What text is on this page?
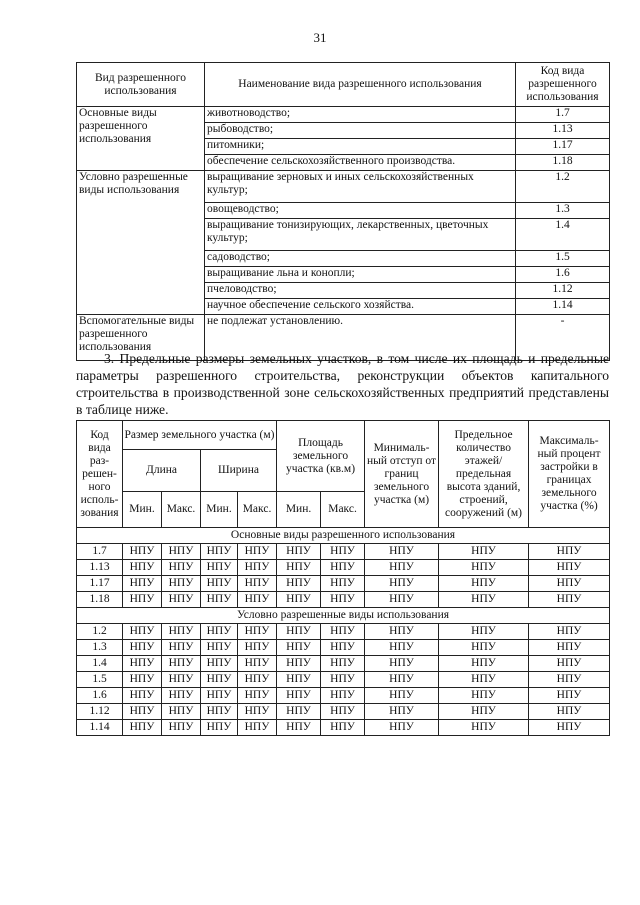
31
Вид разрешенного использования	Наименование вида разрешенного использования	Код вида разрешенного использования
Основные виды разрешенного использования	животноводство;	1.7
	рыбоводство;	1.13
	питомники;	1.17
	обеспечение сельскохозяйственного производства.	1.18
Условно разрешенные виды использования	выращивание зерновых и иных сельскохозяйственных культур;	1.2
	овощеводство;	1.3
	выращивание тонизирующих, лекарственных, цветочных культур;	1.4
	садоводство;	1.5
	выращивание льна и конопли;	1.6
	пчеловодство;	1.12
	научное обеспечение сельского хозяйства.	1.14
Вспомогательные виды разрешенного использования	не подлежат установлению.	-
3. Предельные размеры земельных участков, в том числе их площадь и предельные параметры разрешенного строительства, реконструкции объектов капитального строительства в производственной зоне сельскохозяйственных предприятий представлены в таблице ниже.
Код вида раз-решен-ного исполь-зования	Размер земельного участка (м)				Площадь земельного участка (кв.м)		Минималь-ный отступ от границ земельного участка (м)	Предельное количество этажей/ предельная высота зданий, строений, сооружений (м)	Максималь-ный процент застройки в границах земельного участка (%)
	Длина		Ширина						
	Мин.	Макс.	Мин.	Макс.	Мин.	Макс.			
Основные виды разрешенного использования									
1.7	НПУ	НПУ	НПУ	НПУ	НПУ	НПУ	НПУ	НПУ	НПУ
1.13	НПУ	НПУ	НПУ	НПУ	НПУ	НПУ	НПУ	НПУ	НПУ
1.17	НПУ	НПУ	НПУ	НПУ	НПУ	НПУ	НПУ	НПУ	НПУ
1.18	НПУ	НПУ	НПУ	НПУ	НПУ	НПУ	НПУ	НПУ	НПУ
Условно разрешенные виды использования									
1.2	НПУ	НПУ	НПУ	НПУ	НПУ	НПУ	НПУ	НПУ	НПУ
1.3	НПУ	НПУ	НПУ	НПУ	НПУ	НПУ	НПУ	НПУ	НПУ
1.4	НПУ	НПУ	НПУ	НПУ	НПУ	НПУ	НПУ	НПУ	НПУ
1.5	НПУ	НПУ	НПУ	НПУ	НПУ	НПУ	НПУ	НПУ	НПУ
1.6	НПУ	НПУ	НПУ	НПУ	НПУ	НПУ	НПУ	НПУ	НПУ
1.12	НПУ	НПУ	НПУ	НПУ	НПУ	НПУ	НПУ	НПУ	НПУ
1.14	НПУ	НПУ	НПУ	НПУ	НПУ	НПУ	НПУ	НПУ	НПУ
